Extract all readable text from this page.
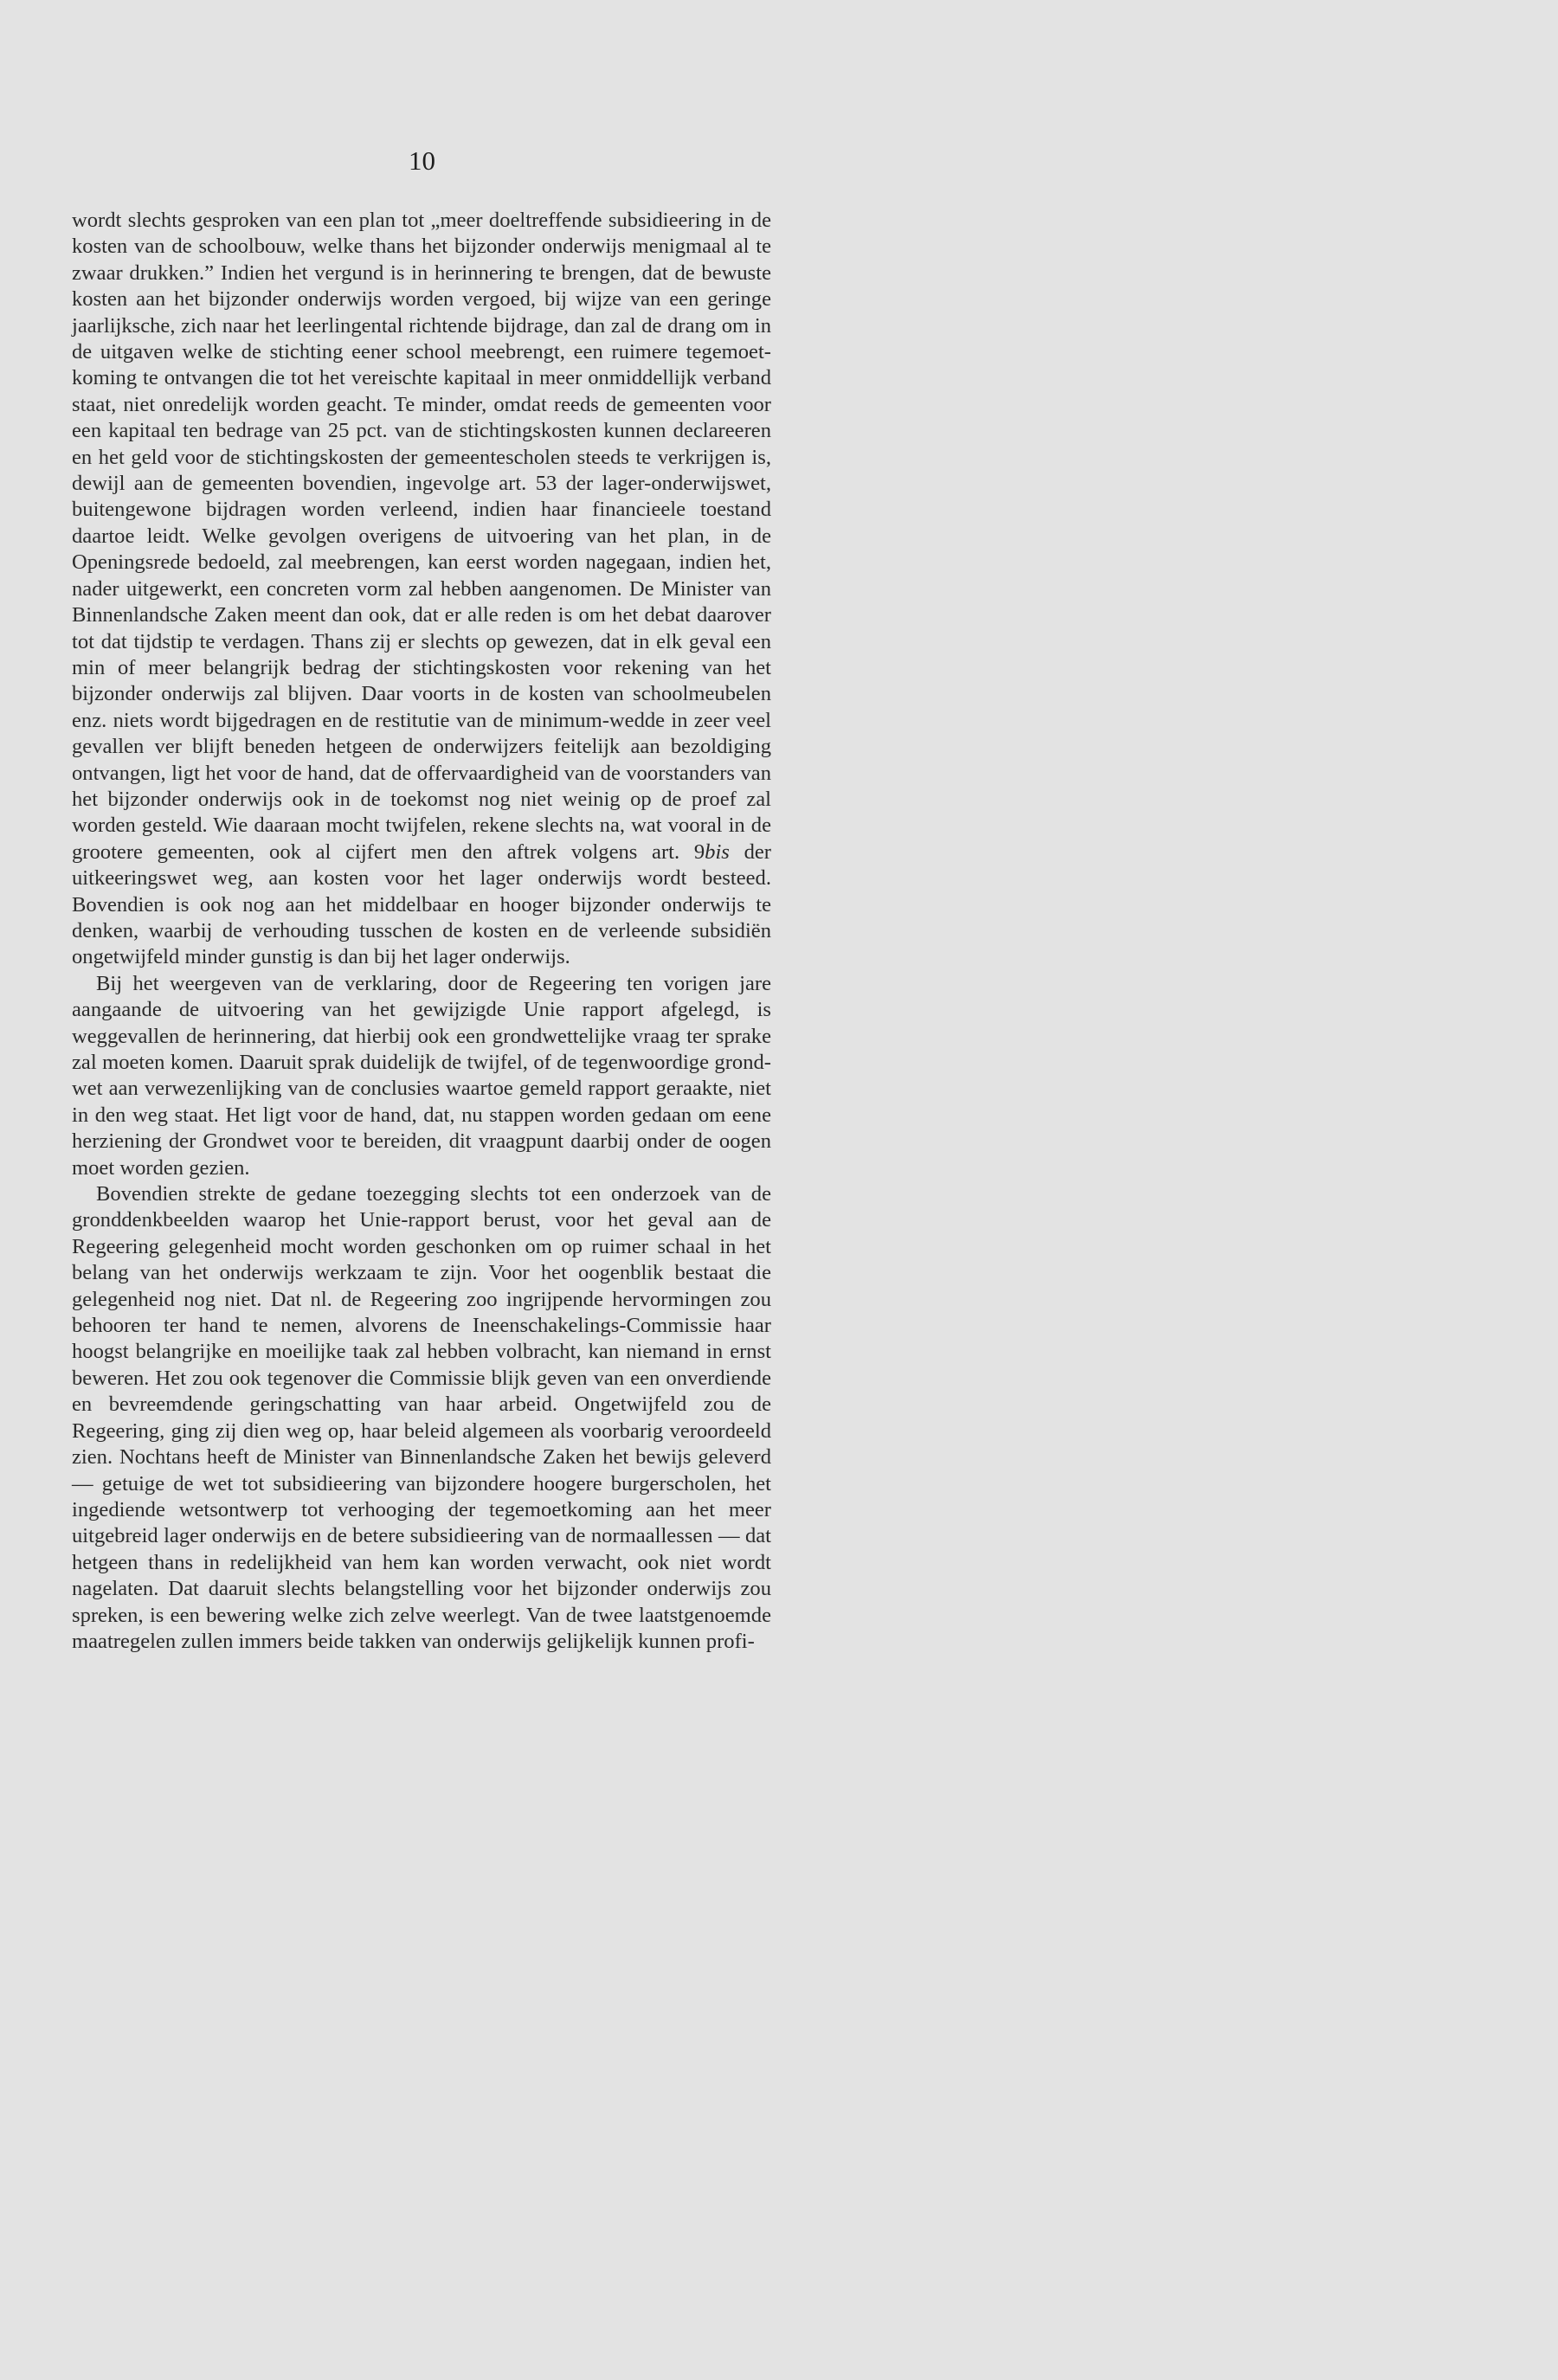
10

wordt slechts gesproken van een plan tot „meer doeltreffende subsidieering in de kosten van de schoolbouw, welke thans het bijzonder onderwijs menigmaal al te zwaar drukken.” Indien het vergund is in herinnering te brengen, dat de bewuste kosten aan het bijzonder onderwijs worden vergoed, bij wijze van een geringe jaarlijksche, zich naar het leerlingental richtende bijdrage, dan zal de drang om in de uitgaven welke de stichting eener school meebrengt, een ruimere tegemoetkoming te ontvangen die tot het vereischte kapitaal in meer onmiddellijk verband staat, niet onredelijk worden geacht. Te minder, omdat reeds de gemeenten voor een kapitaal ten bedrage van 25 pct. van de stichtingskosten kunnen declareeren en het geld voor de stichtingskosten der gemeentescholen steeds te verkrijgen is, dewijl aan de gemeenten bovendien, ingevolge art. 53 der lager-onderwijswet, buitengewone bijdragen worden verleend, indien haar financieele toestand daartoe leidt. Welke gevolgen overigens de uitvoering van het plan, in de Openingsrede bedoeld, zal meebrengen, kan eerst worden nagegaan, indien het, nader uitgewerkt, een concreten vorm zal hebben aangenomen. De Minister van Binnenlandsche Zaken meent dan ook, dat er alle reden is om het debat daarover tot dat tijdstip te verdagen. Thans zij er slechts op gewezen, dat in elk geval een min of meer belangrijk bedrag der stichtingskosten voor rekening van het bijzonder onderwijs zal blijven. Daar voorts in de kosten van schoolmeubelen enz. niets wordt bijgedragen en de restitutie van de minimum-wedde in zeer veel gevallen ver blijft beneden hetgeen de onderwijzers feitelijk aan bezoldiging ontvangen, ligt het voor de hand, dat de offervaardigheid van de voorstanders van het bijzonder onderwijs ook in de toekomst nog niet weinig op de proef zal worden gesteld. Wie daaraan mocht twijfelen, rekene slechts na, wat vooral in de grootere gemeenten, ook al cijfert men den aftrek volgens art. 9bis der uitkeeringswet weg, aan kosten voor het lager onderwijs wordt besteed. Bovendien is ook nog aan het middelbaar en hooger bijzonder onderwijs te denken, waarbij de verhouding tusschen de kosten en de verleende subsidiën ongetwijfeld minder gunstig is dan bij het lager onderwijs.

Bij het weergeven van de verklaring, door de Regeering ten vorigen jare aangaande de uitvoering van het gewijzigde Unie rapport afgelegd, is weggevallen de herinnering, dat hierbij ook een grondwettelijke vraag ter sprake zal moeten komen. Daaruit sprak duidelijk de twijfel, of de tegenwoordige grondwet aan verwezenlijking van de conclusies waartoe gemeld rapport geraakte, niet in den weg staat. Het ligt voor de hand, dat, nu stappen worden gedaan om eene herziening der Grondwet voor te bereiden, dit vraagpunt daarbij onder de oogen moet worden gezien.

Bovendien strekte de gedane toezegging slechts tot een onderzoek van de gronddenkbeelden waarop het Unie-rapport berust, voor het geval aan de Regeering gelegenheid mocht worden geschonken om op ruimer schaal in het belang van het onderwijs werkzaam te zijn. Voor het oogenblik bestaat die gelegenheid nog niet. Dat nl. de Regeering zoo ingrijpende hervormingen zou behooren ter hand te nemen, alvorens de Ineenschakelings-Commissie haar hoogst belangrijke en moeilijke taak zal hebben volbracht, kan niemand in ernst beweren. Het zou ook tegenover die Commissie blijk geven van een onverdiende en bevreemdende geringschatting van haar arbeid. Ongetwijfeld zou de Regeering, ging zij dien weg op, haar beleid algemeen als voorbarig veroordeeld zien. Nochtans heeft de Minister van Binnenlandsche Zaken het bewijs geleverd — getuige de wet tot subsidieering van bijzondere hoogere burgerscholen, het ingediende wetsontwerp tot verhooging der tegemoetkoming aan het meer uitgebreid lager onderwijs en de betere subsidieering van de normaallessen — dat hetgeen thans in redelijkheid van hem kan worden verwacht, ook niet wordt nagelaten. Dat daaruit slechts belangstelling voor het bijzonder onderwijs zou spreken, is een bewering welke zich zelve weerlegt. Van de twee laatstgenoemde maatregelen zullen immers beide takken van onderwijs gelijkelijk kunnen profi-
